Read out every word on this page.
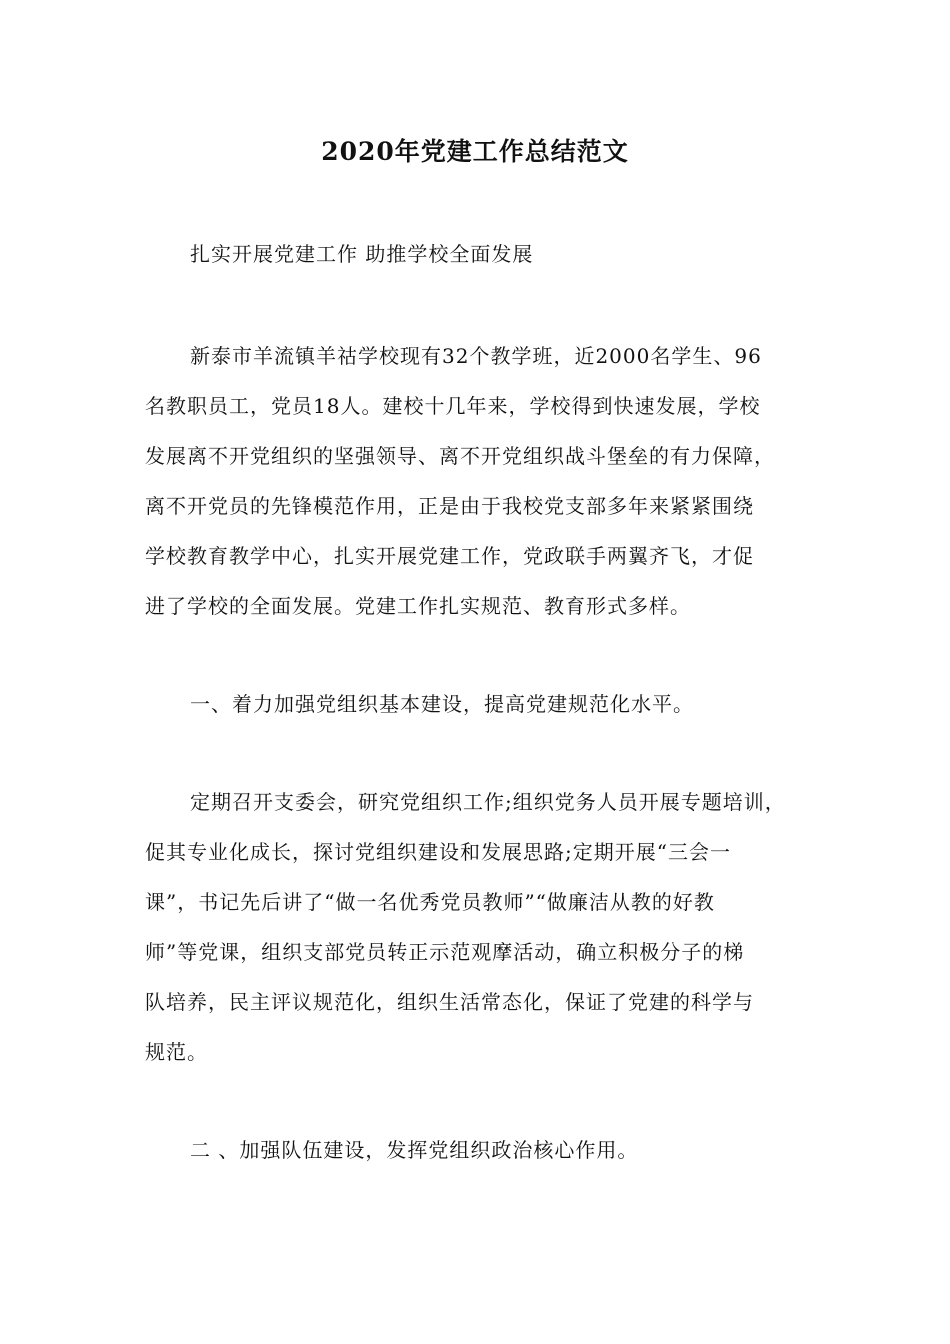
2020年党建工作总结范文

扎实开展党建工作 助推学校全面发展

新泰市羊流镇羊祜学校现有32个教学班，近2000名学生、96

名教职员工，党员18人。建校十几年来，学校得到快速发展，学校

发展离不开党组织的坚强领导、离不开党组织战斗堡垒的有力保障，

离不开党员的先锋模范作用，正是由于我校党支部多年来紧紧围绕

学校教育教学中心，扎实开展党建工作，党政联手两翼齐飞，才促

进了学校的全面发展。党建工作扎实规范、教育形式多样。

一、着力加强党组织基本建设，提高党建规范化水平。

定期召开支委会，研究党组织工作;组织党务人员开展专题培训，

促其专业化成长，探讨党组织建设和发展思路;定期开展“三会一

课”，书记先后讲了“做一名优秀党员教师”“做廉洁从教的好教

师”等党课，组织支部党员转正示范观摩活动，确立积极分子的梯

队培养，民主评议规范化，组织生活常态化，保证了党建的科学与

规范。

二 、加强队伍建设，发挥党组织政治核心作用。
